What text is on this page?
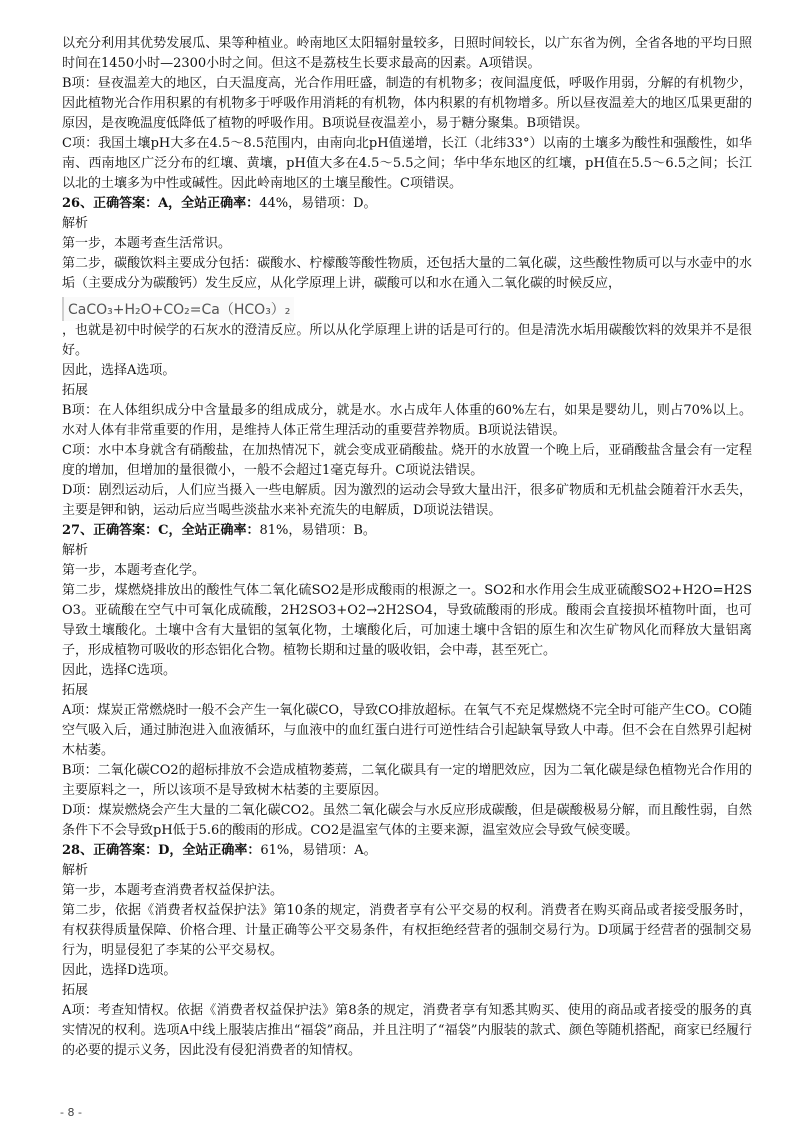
以充分利用其优势发展瓜、果等种植业。岭南地区太阳辐射量较多，日照时间较长，以广东省为例，全省各地的平均日照时间在1450小时—2300小时之间。但这不是荔枝生长要求最高的因素。A项错误。

B项：昼夜温差大的地区，白天温度高，光合作用旺盛，制造的有机物多；夜间温度低，呼吸作用弱，分解的有机物少，因此植物光合作用积累的有机物多于呼吸作用消耗的有机物，体内积累的有机物增多。所以昼夜温差大的地区瓜果更甜的原因，是夜晚温度低降低了植物的呼吸作用。B项说昼夜温差小，易于糖分聚集。B项错误。

C项：我国土壤pH大多在4.5～8.5范围内，由南向北pH值递增，长江（北纬33°）以南的土壤多为酸性和强酸性，如华南、西南地区广泛分布的红壤、黄壤，pH值大多在4.5～5.5之间；华中华东地区的红壤，pH值在5.5～6.5之间；长江以北的土壤多为中性或碱性。因此岭南地区的土壤呈酸性。C项错误。

26、正确答案：A，全站正确率：44%，易错项：D。

解析

第一步，本题考查生活常识。

第二步，碳酸饮料主要成分包括：碳酸水、柠檬酸等酸性物质，还包括大量的二氧化碳，这些酸性物质可以与水壶中的水垢（主要成分为碳酸钙）发生反应，从化学原理上讲，碳酸可以和水在通入二氧化碳的时候反应，

CaCO₃+H₂O+CO₂=Ca（HCO₃）₂

，也就是初中时候学的石灰水的澄清反应。所以从化学原理上讲的话是可行的。但是清洗水垢用碳酸饮料的效果并不是很好。

因此，选择A选项。

拓展

B项：在人体组织成分中含量最多的组成成分，就是水。水占成年人体重的60%左右，如果是婴幼儿，则占70%以上。水对人体有非常重要的作用，是维持人体正常生理活动的重要营养物质。B项说法错误。

C项：水中本身就含有硝酸盐，在加热情况下，就会变成亚硝酸盐。烧开的水放置一个晚上后，亚硝酸盐含量会有一定程度的增加，但增加的量很微小，一般不会超过1毫克每升。C项说法错误。

D项：剧烈运动后，人们应当摄入一些电解质。因为激烈的运动会导致大量出汗，很多矿物质和无机盐会随着汗水丢失，主要是钾和钠，运动后应当喝些淡盐水来补充流失的电解质，D项说法错误。

27、正确答案：C，全站正确率：81%，易错项：B。

解析

第一步，本题考查化学。

第二步，煤燃烧排放出的酸性气体二氧化硫SO2是形成酸雨的根源之一。SO2和水作用会生成亚硫酸SO2+H2O=H2SO3。亚硫酸在空气中可氧化成硫酸，2H2SO3+O2→2H2SO4，导致硫酸雨的形成。酸雨会直接损坏植物叶面，也可导致土壤酸化。土壤中含有大量铝的氢氧化物，土壤酸化后，可加速土壤中含铝的原生和次生矿物风化而释放大量铝离子，形成植物可吸收的形态铝化合物。植物长期和过量的吸收铝，会中毒，甚至死亡。

因此，选择C选项。

拓展

A项：煤炭正常燃烧时一般不会产生一氧化碳CO，导致CO排放超标。在氧气不充足煤燃烧不完全时可能产生CO。CO随空气吸入后，通过肺泡进入血液循环，与血液中的血红蛋白进行可逆性结合引起缺氧导致人中毒。但不会在自然界引起树木枯萎。

B项：二氧化碳CO2的超标排放不会造成植物萎蔫，二氧化碳具有一定的增肥效应，因为二氧化碳是绿色植物光合作用的主要原料之一，所以该项不是导致树木枯萎的主要原因。

D项：煤炭燃烧会产生大量的二氧化碳CO2。虽然二氧化碳会与水反应形成碳酸，但是碳酸极易分解，而且酸性弱，自然条件下不会导致pH低于5.6的酸雨的形成。CO2是温室气体的主要来源，温室效应会导致气候变暖。

28、正确答案：D，全站正确率：61%，易错项：A。

解析

第一步，本题考查消费者权益保护法。

第二步，依据《消费者权益保护法》第10条的规定，消费者享有公平交易的权利。消费者在购买商品或者接受服务时，有权获得质量保障、价格合理、计量正确等公平交易条件，有权拒绝经营者的强制交易行为。D项属于经营者的强制交易行为，明显侵犯了李某的公平交易权。

因此，选择D选项。

拓展

A项：考查知情权。依据《消费者权益保护法》第8条的规定，消费者享有知悉其购买、使用的商品或者接受的服务的真实情况的权利。选项A中线上服装店推出“福袋”商品，并且注明了“福袋”内服装的款式、颜色等随机搭配，商家已经履行的必要的提示义务，因此没有侵犯消费者的知情权。

- 8 -
